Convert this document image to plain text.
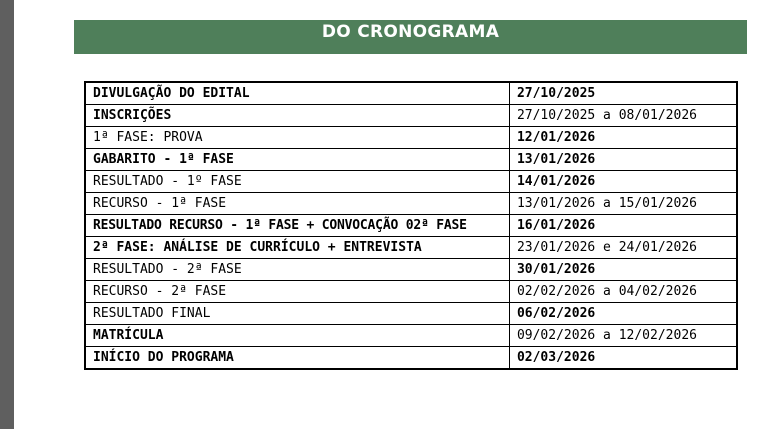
DO CRONOGRAMA
DIVULGAÇÃO DO EDITAL	27/10/2025
INSCRIÇÕES	27/10/2025 a 08/01/2026
1ª FASE: PROVA	12/01/2026
GABARITO - 1ª FASE	13/01/2026
RESULTADO - 1º FASE	14/01/2026
RECURSO - 1ª FASE	13/01/2026 a 15/01/2026
RESULTADO RECURSO - 1ª FASE + CONVOCAÇÃO 02ª FASE	16/01/2026
2ª FASE: ANÁLISE DE CURRÍCULO + ENTREVISTA	23/01/2026 e 24/01/2026
RESULTADO - 2ª FASE	30/01/2026
RECURSO - 2ª FASE	02/02/2026 a 04/02/2026
RESULTADO FINAL	06/02/2026
MATRÍCULA	09/02/2026 a 12/02/2026
INÍCIO DO PROGRAMA	02/03/2026
